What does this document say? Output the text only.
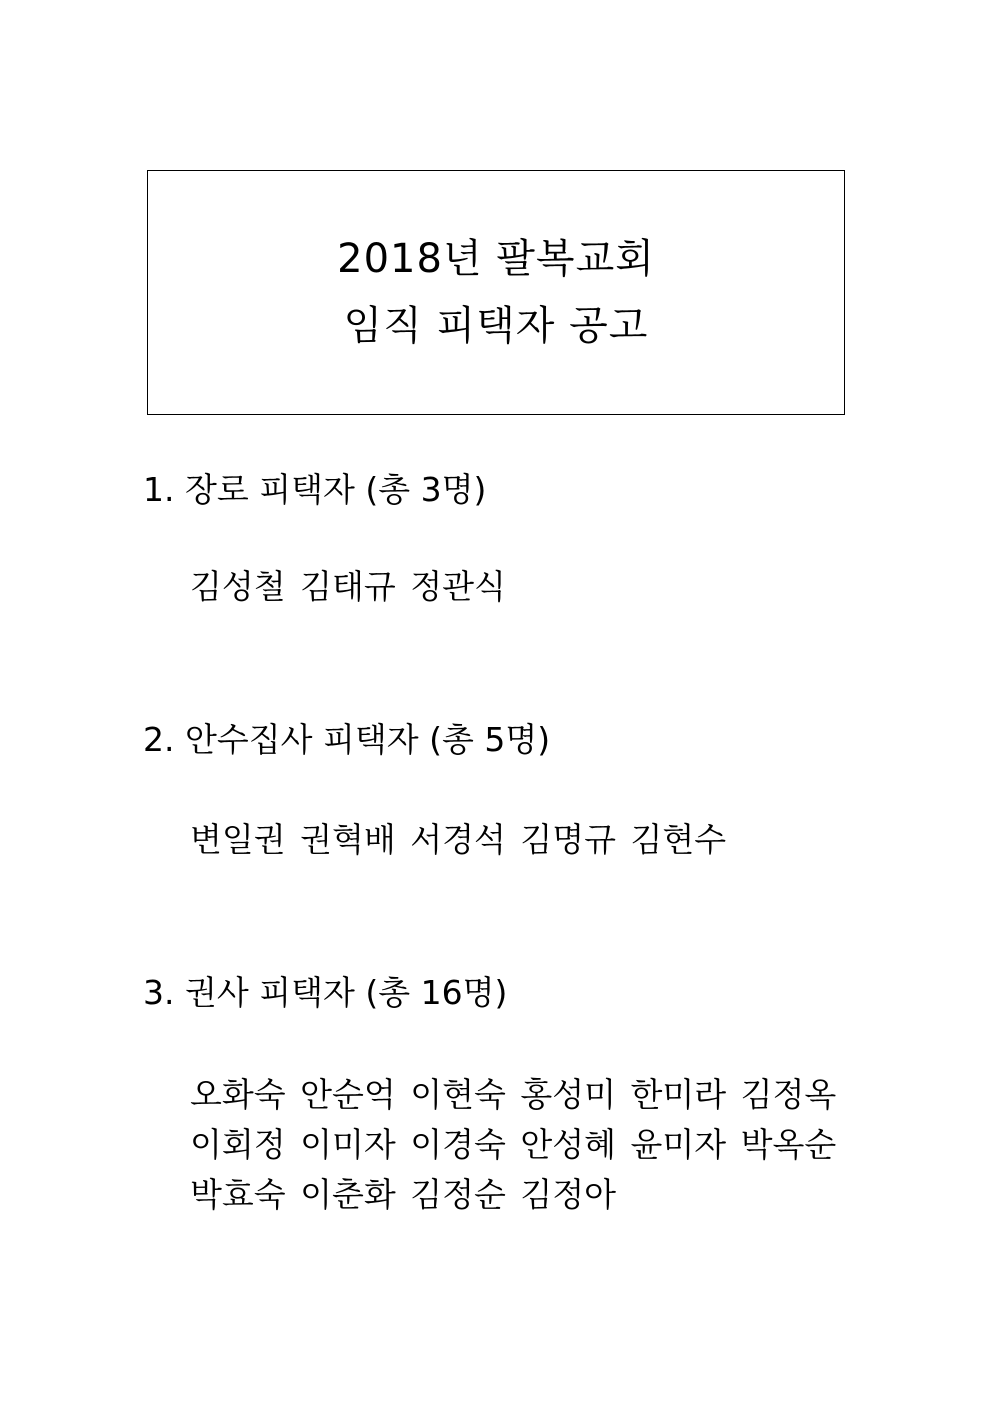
2018년 팔복교회
임직 피택자 공고
1. 장로 피택자 (총 3명)
김성철 김태규 정관식
2. 안수집사 피택자 (총 5명)
변일권 권혁배 서경석 김명규 김현수
3. 권사 피택자 (총 16명)
오화숙 안순억 이현숙 홍성미 한미라 김정옥
이회정 이미자 이경숙 안성혜 윤미자 박옥순
박효숙 이춘화 김정순 김정아
